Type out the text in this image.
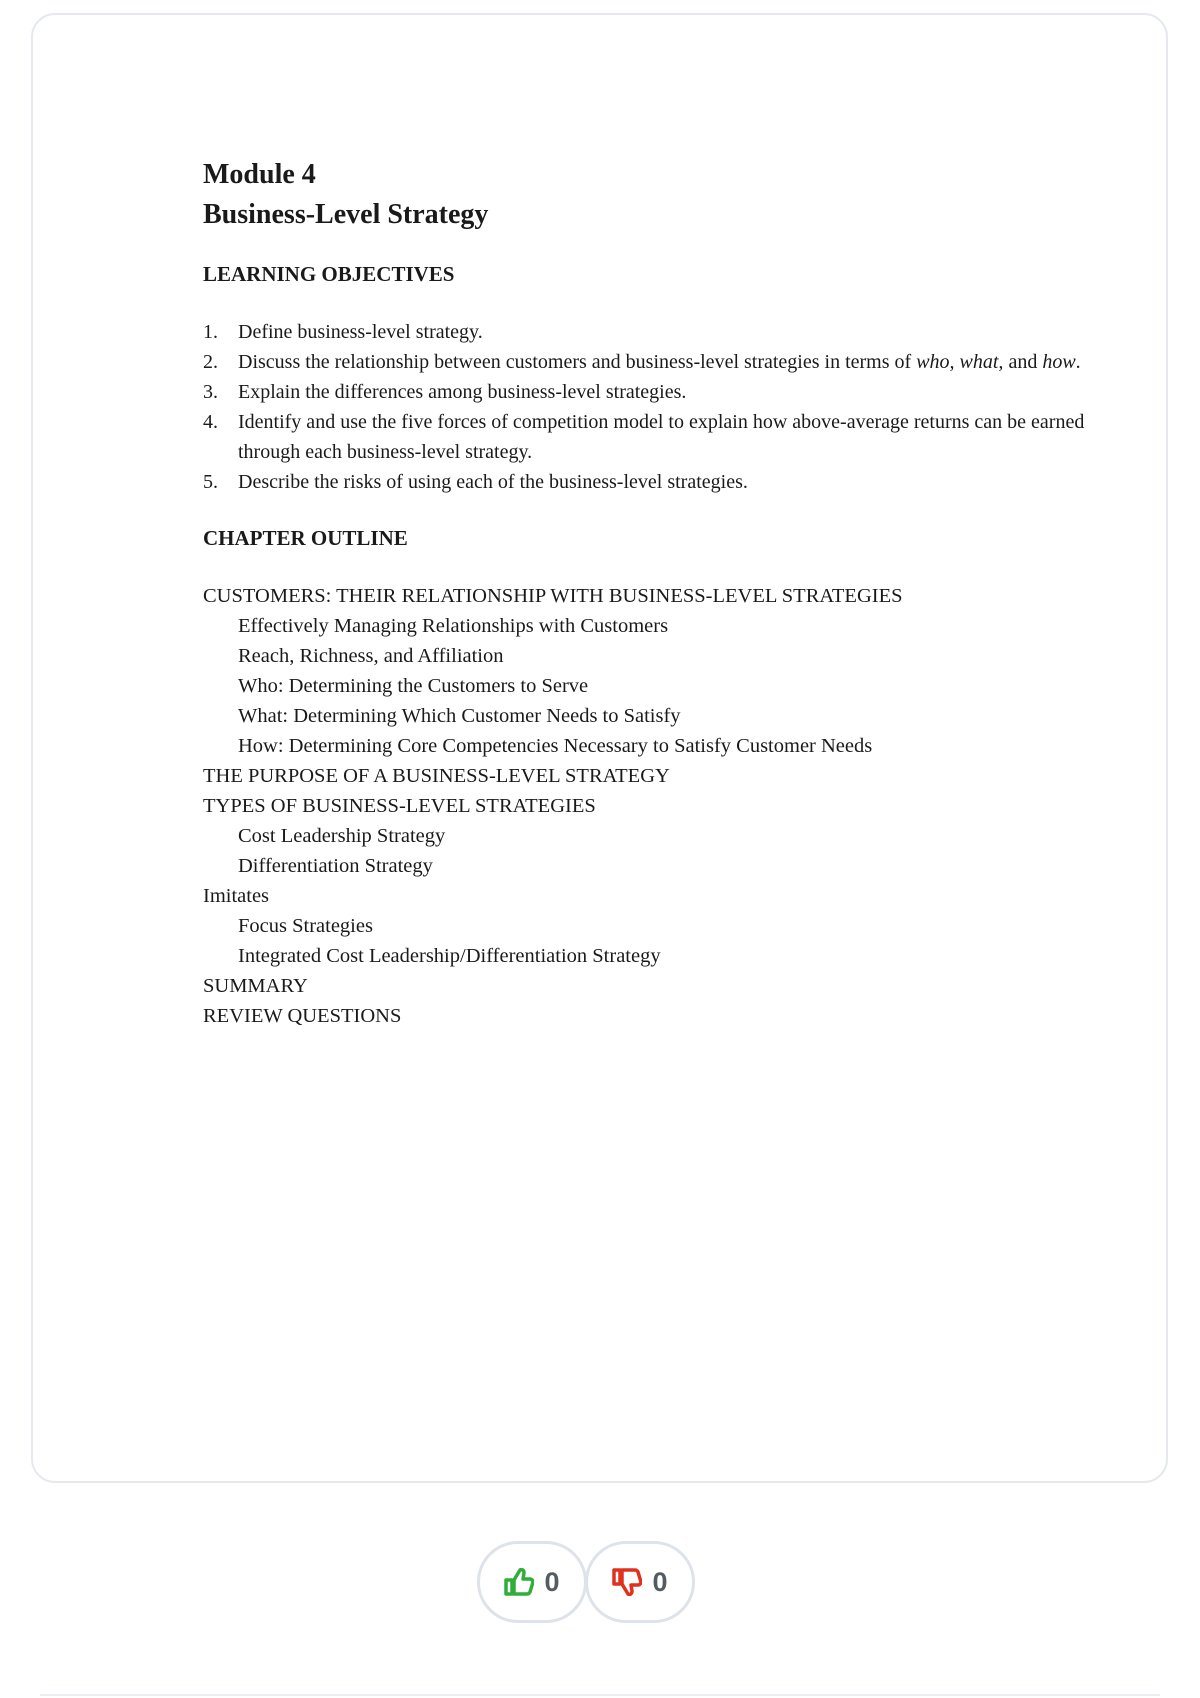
Module 4
Business-Level Strategy
LEARNING OBJECTIVES
1. Define business-level strategy.
2. Discuss the relationship between customers and business-level strategies in terms of who, what, and how.
3. Explain the differences among business-level strategies.
4. Identify and use the five forces of competition model to explain how above-average returns can be earned through each business-level strategy.
5. Describe the risks of using each of the business-level strategies.
CHAPTER OUTLINE
CUSTOMERS: THEIR RELATIONSHIP WITH BUSINESS-LEVEL STRATEGIES
Effectively Managing Relationships with Customers
Reach, Richness, and Affiliation
Who: Determining the Customers to Serve
What: Determining Which Customer Needs to Satisfy
How: Determining Core Competencies Necessary to Satisfy Customer Needs
THE PURPOSE OF A BUSINESS-LEVEL STRATEGY
TYPES OF BUSINESS-LEVEL STRATEGIES
Cost Leadership Strategy
Differentiation Strategy
Imitates
Focus Strategies
Integrated Cost Leadership/Differentiation Strategy
SUMMARY
REVIEW QUESTIONS
0	0
